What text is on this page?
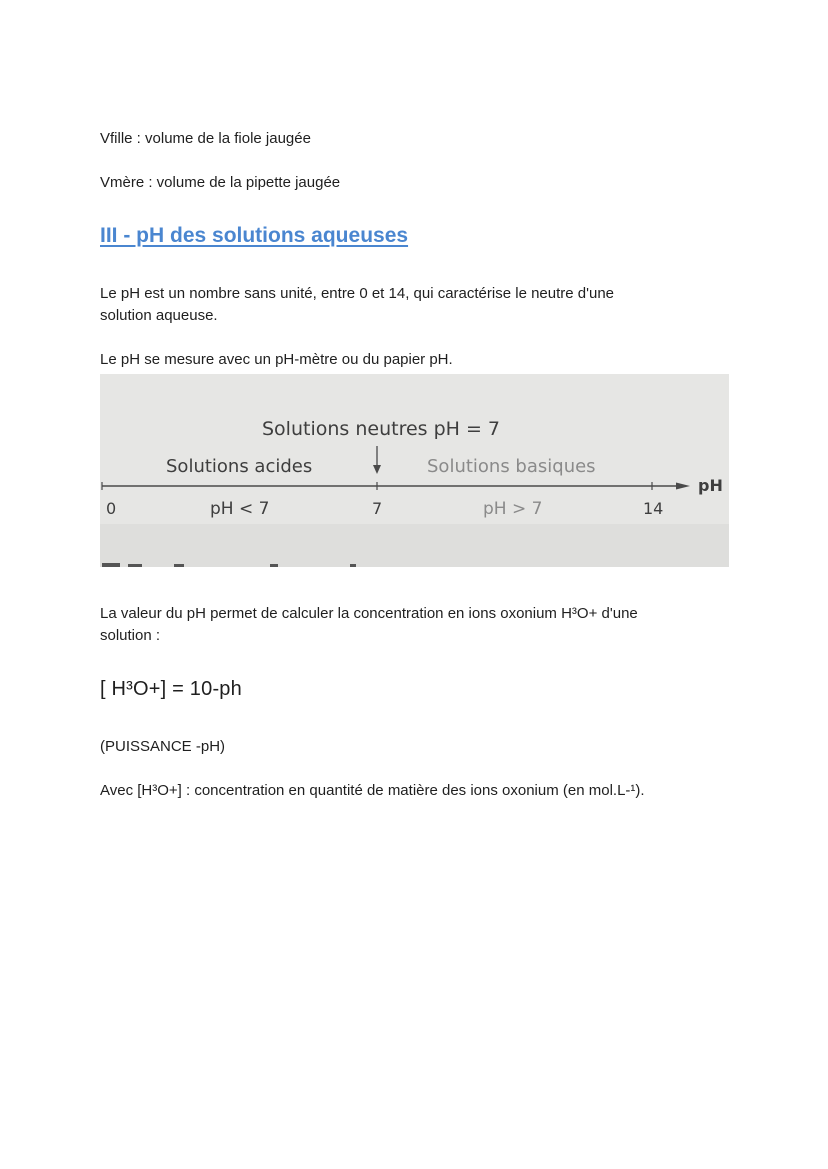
Vfille : volume de la fiole jaugée

Vmère : volume de la pipette jaugée

III - pH des solutions aqueuses

Le pH est un nombre sans unité, entre 0 et 14, qui caractérise le neutre d'une
solution aqueuse.

Le pH se mesure avec un pH-mètre ou du papier pH.

Solutions neutres pH = 7
Solutions acides	Solutions basiques
pH
0	7	14
pH < 7	pH > 7

La valeur du pH permet de calculer la concentration en ions oxonium H³O+ d'une
solution :

[ H³O+] = 10-ph

(PUISSANCE -pH)

Avec [H³O+] : concentration en quantité de matière des ions oxonium (en mol.L-¹).
